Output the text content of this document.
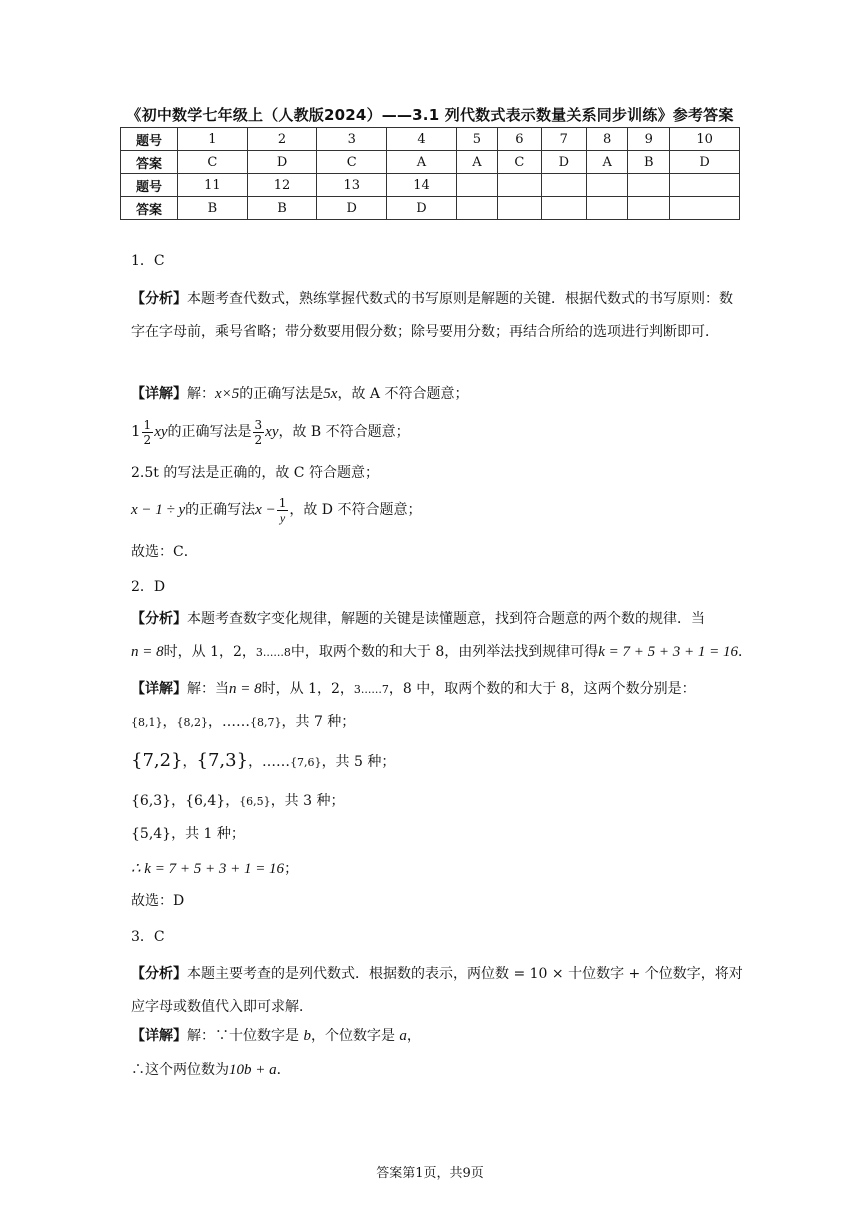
《初中数学七年级上（人教版2024）——3.1 列代数式表示数量关系同步训练》参考答案
题号	1	2	3	4	5	6	7	8	9	10
答案	C	D	C	A	A	C	D	A	B	D
题号	11	12	13	14						
答案	B	B	D	D						
1．C
【分析】本题考查代数式，熟练掌握代数式的书写原则是解题的关键．根据代数式的书写原则：数字在字母前，乘号省略；带分数要用假分数；除号要用分数；再结合所给的选项进行判断即可．
【详解】解：x×5的正确写法是5x，故 A 不符合题意；
$1 \frac{1}{2}$ xy的正确写法是 $\frac{3}{2}$ xy，故 B 不符合题意；
2.5t 的写法是正确的，故 C 符合题意；
x − 1 ÷ y的正确写法$x - \frac{1}{y}$ ，故 D 不符合题意；
故选：C．
2．D
【分析】本题考查数字变化规律，解题的关键是读懂题意，找到符合题意的两个数的规律．当
n = 8时，从 1，2，3......8中，取两个数的和大于 8，由列举法找到规律可得k = 7 + 5 + 3 + 1 = 16．
【详解】解：当n = 8时，从 1，2，3......7，8 中，取两个数的和大于 8，这两个数分别是：
{8,1}，{8,2}，……{8,7}，共 7 种；
{7,2}，{7,3}，……{7,6}，共 5 种；
{6,3}，{6,4}，{6,5}，共 3 种；
{5,4}，共 1 种；
∴ k = 7 + 5 + 3 + 1 = 16；
故选：D
3．C
【分析】本题主要考查的是列代数式．根据数的表示，两位数 = 10 × 十位数字 + 个位数字，将对应字母或数值代入即可求解．
【详解】解：∵十位数字是 b，个位数字是 a，
∴这个两位数为10b + a．
答案第1页，共9页
